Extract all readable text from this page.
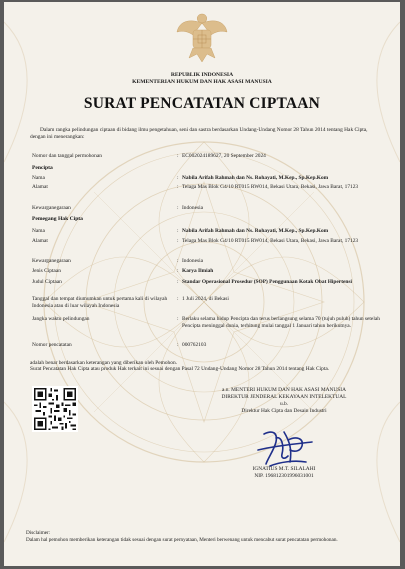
REPUBLIK INDONESIA
KEMENTERIAN HUKUM DAN HAK ASASI MANUSIA
SURAT PENCATATAN CIPTAAN
Dalam rangka pelindungan ciptaan di bidang ilmu pengetahuan, seni dan sastra berdasarkan Undang-Undang Nomor 28 Tahun 2014 tentang Hak Cipta, dengan ini menerangkan:
Nomor dan tanggal permohonan	: EC002024189627, 20 September 2024
Pencipta
Nama	: Nabila Arifah Rahmah dan Ns. Rohayati, M.Kep., Sp.Kep.Kom
Alamat	: Telaga Mas Blok G4/10 RT015 RW014, Bekasi Utara, Bekasi, Jawa Barat, 17123
Kewarganegaraan	: Indonesia
Pemegang Hak Cipta
Nama	: Nabila Arifah Rahmah dan Ns. Rohayati, M.Kep., Sp.Kep.Kom
Alamat	: Telaga Mas Blok G4/10 RT015 RW014, Bekasi Utara, Bekasi, Jawa Barat, 17123
Kewarganegaraan	: Indonesia
Jenis Ciptaan	: Karya Ilmiah
Judul Ciptaan	: Standar Operasional Prosedur (SOP) Penggunaan Kotak Obat Hipertensi
Tanggal dan tempat diumumkan untuk pertama kali di wilayah Indonesia atau di luar wilayah Indonesia
: 1 Juli 2024, di Bekasi
Jangka waktu pelindungan	: Berlaku selama hidup Pencipta dan terus berlangsung selama 70 (tujuh puluh) tahun setelah Pencipta meninggal dunia, terhitung mulai tanggal 1 Januari tahun berikutnya.
Nomor pencatatan	: 000762103
adalah benar berdasarkan keterangan yang diberikan oleh Pemohon.
Surat Pencatatan Hak Cipta atau produk Hak terkait ini sesuai dengan Pasal 72 Undang-Undang Nomor 28 Tahun 2014 tentang Hak Cipta.
a.n. MENTERI HUKUM DAN HAK ASASI MANUSIA
DIREKTUR JENDERAL KEKAYAAN INTELEKTUAL
u.b.
Direktur Hak Cipta dan Desain Industri
IGNATIUS M.T. SILALAHI
NIP. 196812301996031001
Disclaimer:
Dalam hal pemohon memberikan keterangan tidak sesuai dengan surat pernyataan, Menteri berwenang untuk mencabut surat pencatatan permohonan.
